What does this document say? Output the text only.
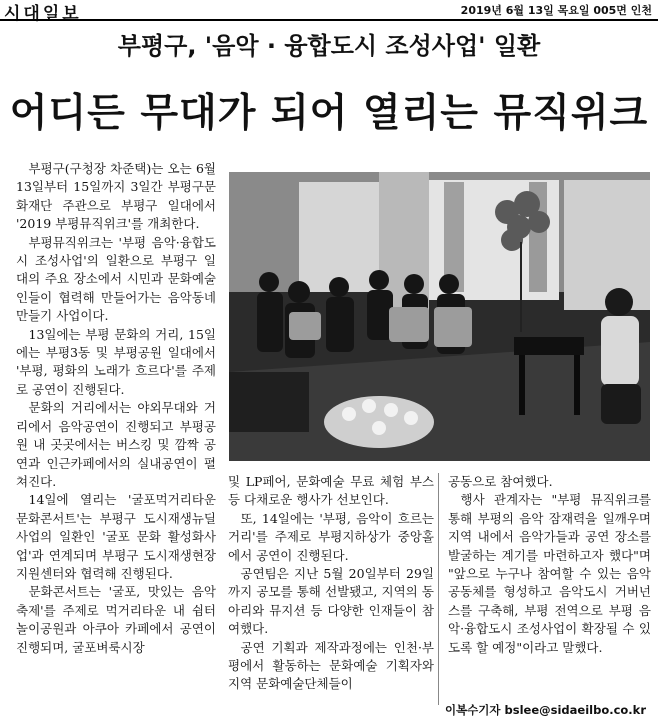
시대일보	2019년 6월 13일 목요일 005면 인천
부평구, '음악 · 융합도시 조성사업' 일환
어디든 무대가 되어 열리는 뮤직위크

부평구(구청장 차준택)는 오는 6월 13일부터 15일까지 3일간 부평구문화재단 주관으로 부평구 일대에서 '2019 부평뮤직위크'를 개최한다.

부평뮤직위크는 '부평 음악·융합도시 조성사업'의 일환으로 부평구 일대의 주요 장소에서 시민과 문화예술인들이 협력해 만들어가는 음악동네 만들기 사업이다.

13일에는 부평 문화의 거리, 15일에는 부평3동 및 부평공원 일대에서 '부평, 평화의 노래가 흐르다'를 주제로 공연이 진행된다.

문화의 거리에서는 야외무대와 거리에서 음악공연이 진행되고 부평공원 내 곳곳에서는 버스킹 및 깜짝 공연과 인근카페에서의 실내공연이 펼쳐진다.

14일에 열리는 '굴포먹거리타운 문화콘서트'는 부평구 도시재생뉴딜사업의 일환인 '굴포 문화 활성화사업'과 연계되며 부평구 도시재생현장지원센터와 협력해 진행된다.

문화콘서트는 '굴포, 맛있는 음악축제'를 주제로 먹거리타운 내 쉼터놀이공원과 아쿠아 카페에서 공연이 진행되며, 굴포벼룩시장

및 LP페어, 문화예술 무료 체험 부스 등 다채로운 행사가 선보인다.

또, 14일에는 '부평, 음악이 흐르는 거리'를 주제로 부평지하상가 중앙홀에서 공연이 진행된다.

공연팀은 지난 5월 20일부터 29일까지 공모를 통해 선발됐고, 지역의 동아리와 뮤지션 등 다양한 인재들이 참여했다.

공연 기획과 제작과정에는 인천·부평에서 활동하는 문화예술 기획자와 지역 문화예술단체들이

공동으로 참여했다.

행사 관계자는 "부평 뮤직위크를 통해 부평의 음악 잠재력을 일깨우며 지역 내에서 음악가들과 공연 장소를 발굴하는 계기를 마련하고자 했다"며 "앞으로 누구나 참여할 수 있는 음악 공동체를 형성하고 음악도시 거버넌스를 구축해, 부평 전역으로 부평 음악·융합도시 조성사업이 확장될 수 있도록 할 예정"이라고 말했다.

이복수기자 bslee@sidaeilbo.co.kr
